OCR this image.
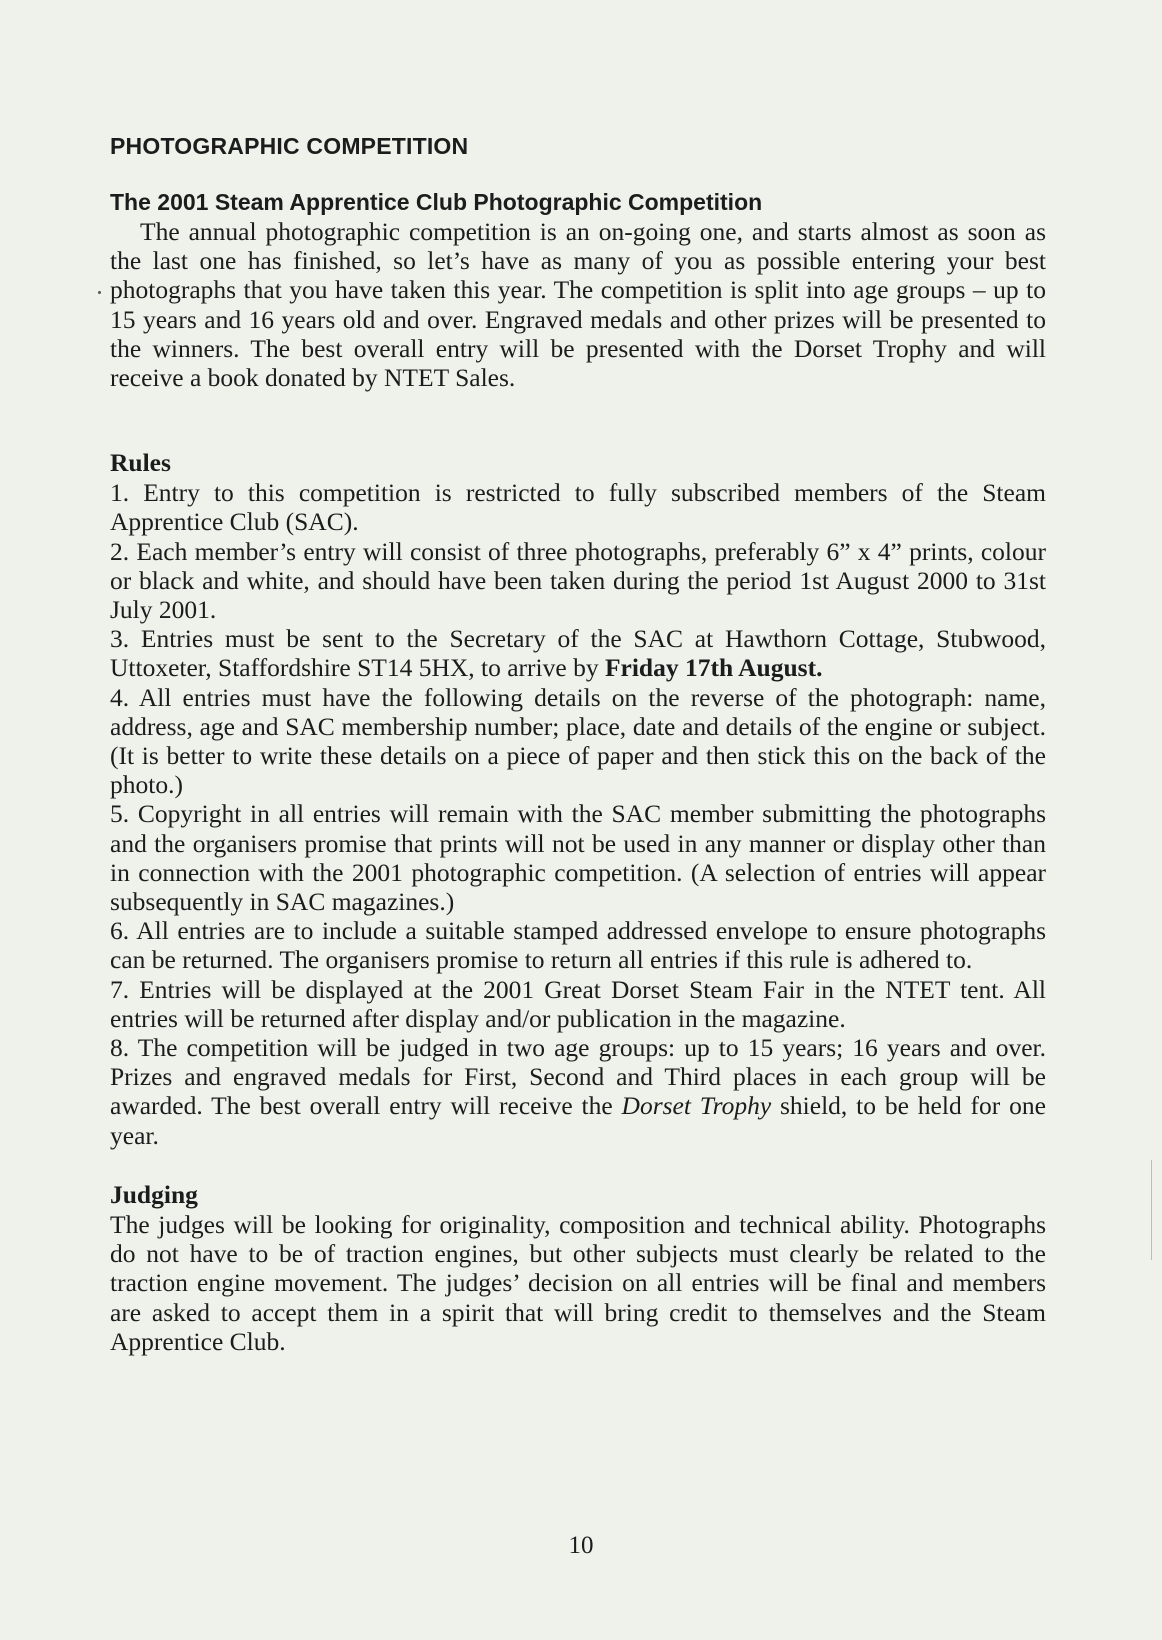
PHOTOGRAPHIC COMPETITION
The 2001 Steam Apprentice Club Photographic Competition

The annual photographic competition is an on-going one, and starts almost as soon as the last one has finished, so let’s have as many of you as possible entering your best photographs that you have taken this year. The competition is split into age groups – up to 15 years and 16 years old and over. Engraved medals and other prizes will be presented to the winners. The best overall entry will be presented with the Dorset Trophy and will receive a book donated by NTET Sales.

Rules

1. Entry to this competition is restricted to fully subscribed members of the Steam Apprentice Club (SAC).

2. Each member’s entry will consist of three photographs, preferably 6” x 4” prints, colour or black and white, and should have been taken during the period 1st August 2000 to 31st July 2001.

3. Entries must be sent to the Secretary of the SAC at Hawthorn Cottage, Stubwood, Uttoxeter, Staffordshire ST14 5HX, to arrive by Friday 17th August.

4. All entries must have the following details on the reverse of the photograph: name, address, age and SAC membership number; place, date and details of the engine or subject. (It is better to write these details on a piece of paper and then stick this on the back of the photo.)

5. Copyright in all entries will remain with the SAC member submitting the photographs and the organisers promise that prints will not be used in any manner or display other than in connection with the 2001 photographic competition. (A selection of entries will appear subsequently in SAC magazines.)

6. All entries are to include a suitable stamped addressed envelope to ensure photographs can be returned. The organisers promise to return all entries if this rule is adhered to.

7. Entries will be displayed at the 2001 Great Dorset Steam Fair in the NTET tent. All entries will be returned after display and/or publication in the magazine.

8. The competition will be judged in two age groups: up to 15 years; 16 years and over. Prizes and engraved medals for First, Second and Third places in each group will be awarded. The best overall entry will receive the Dorset Trophy shield, to be held for one year.

Judging

The judges will be looking for originality, composition and technical ability. Photographs do not have to be of traction engines, but other subjects must clearly be related to the traction engine movement. The judges’ decision on all entries will be final and members are asked to accept them in a spirit that will bring credit to themselves and the Steam Apprentice Club.

10
